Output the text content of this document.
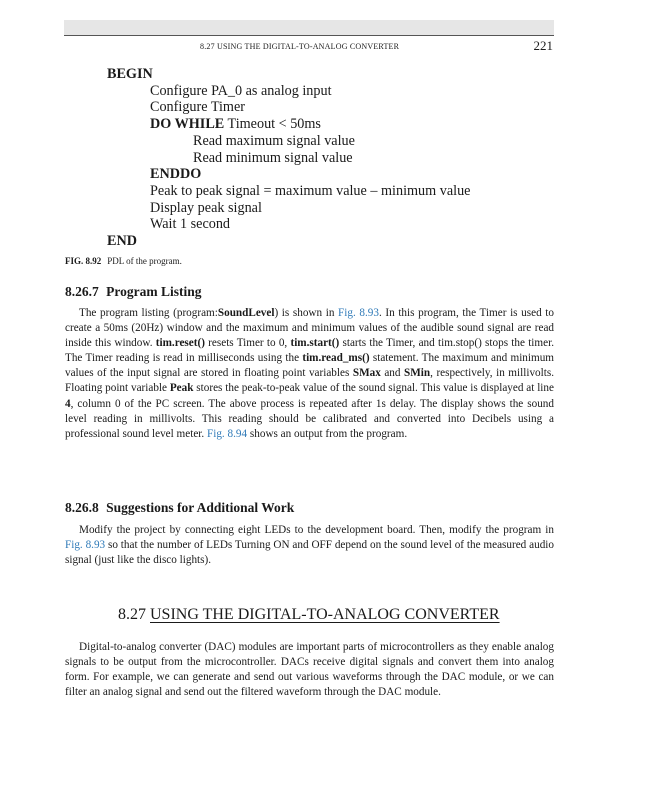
8.27 USING THE DIGITAL-TO-ANALOG CONVERTER	221
BEGIN
Configure PA_0 as analog input
Configure Timer
DO WHILE Timeout < 50ms
Read maximum signal value
Read minimum signal value
ENDDO
Peak to peak signal = maximum value – minimum value
Display peak signal
Wait 1 second
END
FIG. 8.92 PDL of the program.
8.26.7 Program Listing
The program listing (program:SoundLevel) is shown in Fig. 8.93. In this program, the Timer is used to create a 50ms (20Hz) window and the maximum and minimum values of the audible sound signal are read inside this window. tim.reset() resets Timer to 0, tim.start() starts the Timer, and tim.stop() stops the timer. The Timer reading is read in milliseconds using the tim.read_ms() statement. The maximum and minimum values of the input signal are stored in floating point variables SMax and SMin, respectively, in millivolts. Floating point variable Peak stores the peak-to-peak value of the sound signal. This value is displayed at line 4, column 0 of the PC screen. The above process is repeated after 1s delay. The display shows the sound level reading in millivolts. This reading should be calibrated and converted into Decibels using a professional sound level meter. Fig. 8.94 shows an output from the program.
8.26.8 Suggestions for Additional Work
Modify the project by connecting eight LEDs to the development board. Then, modify the program in Fig. 8.93 so that the number of LEDs Turning ON and OFF depend on the sound level of the measured audio signal (just like the disco lights).
8.27 USING THE DIGITAL-TO-ANALOG CONVERTER
Digital-to-analog converter (DAC) modules are important parts of microcontrollers as they enable analog signals to be output from the microcontroller. DACs receive digital signals and convert them into analog form. For example, we can generate and send out various waveforms through the DAC module, or we can filter an analog signal and send out the filtered waveform through the DAC module.
